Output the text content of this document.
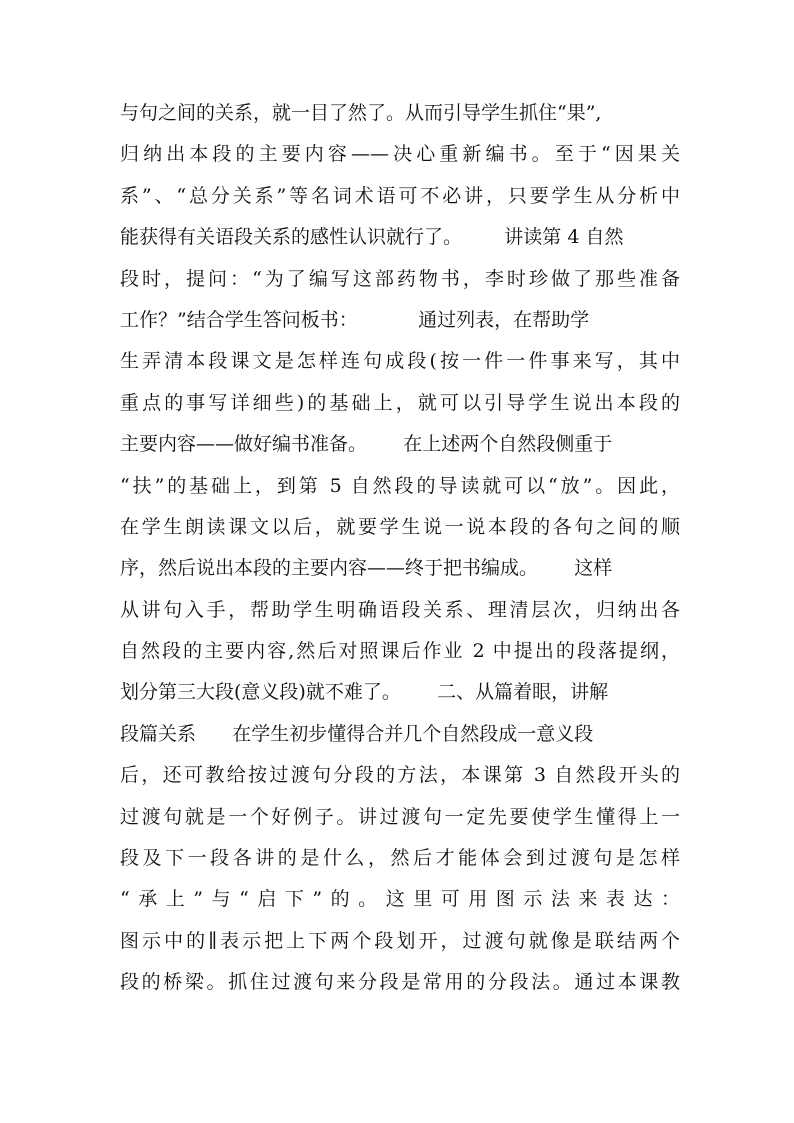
与句之间的关系，就一目了然了。从而引导学生抓住“果”,
归纳出本段的主要内容——决心重新编书。至于“因果关
系”、“总分关系”等名词术语可不必讲，只要学生从分析中
能获得有关语段关系的感性认识就行了。       讲读第 4 自然
段时，提问：“为了编写这部药物书，李时珍做了那些准备
工作？”结合学生答问板书：          通过列表，在帮助学
生弄清本段课文是怎样连句成段(按一件一件事来写，其中
重点的事写详细些)的基础上，就可以引导学生说出本段的
主要内容——做好编书准备。      在上述两个自然段侧重于
“扶”的基础上，到第 5 自然段的导读就可以“放”。因此，
在学生朗读课文以后，就要学生说一说本段的各句之间的顺
序，然后说出本段的主要内容——终于把书编成。      这样
从讲句入手，帮助学生明确语段关系、理清层次，归纳出各
自然段的主要内容,然后对照课后作业 2 中提出的段落提纲，
划分第三大段(意义段)就不难了。      二、从篇着眼，讲解
段篇关系      在学生初步懂得合并几个自然段成一意义段
后，还可教给按过渡句分段的方法，本课第 3 自然段开头的
过渡句就是一个好例子。讲过渡句一定先要使学生懂得上一
段及下一段各讲的是什么，然后才能体会到过渡句是怎样
“承上”与“启下”的。这里可用图示法来表达：
图示中的∥表示把上下两个段划开，过渡句就像是联结两个
段的桥梁。抓住过渡句来分段是常用的分段法。通过本课教
